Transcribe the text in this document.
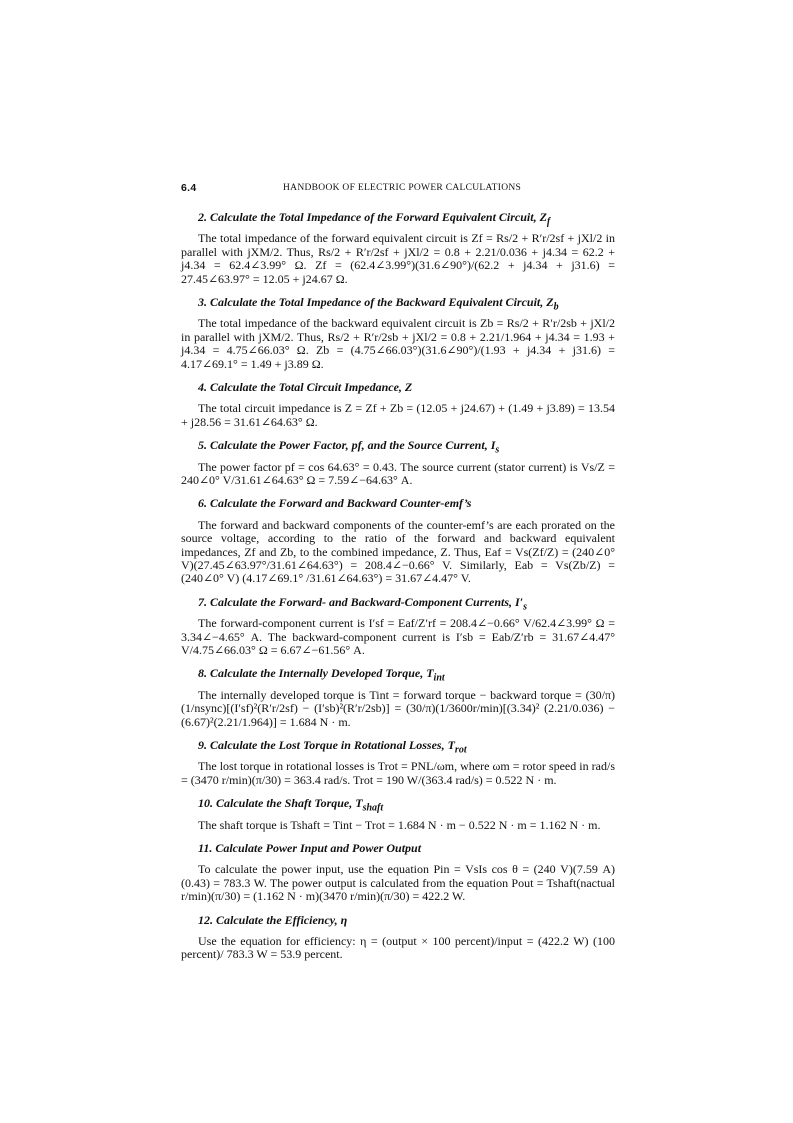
6.4	HANDBOOK OF ELECTRIC POWER CALCULATIONS

2. Calculate the Total Impedance of the Forward Equivalent Circuit, $Z_f$

The total impedance of the forward equivalent circuit is Zf = Rs/2 + R′r/2sf + jXl/2 in parallel with jXM/2. Thus, Rs/2 + R′r/2sf + jXl/2 = 0.8 + 2.21/0.036 + j4.34 = 62.2 + j4.34 = 62.4∠3.99° Ω. Zf = (62.4∠3.99°)(31.6∠90°)/(62.2 + j4.34 + j31.6) = 27.45∠63.97° = 12.05 + j24.67 Ω.

3. Calculate the Total Impedance of the Backward Equivalent Circuit, $Z_b$

The total impedance of the backward equivalent circuit is Zb = Rs/2 + R′r/2sb + jXl/2 in parallel with jXM/2. Thus, Rs/2 + R′r/2sb + jXl/2 = 0.8 + 2.21/1.964 + j4.34 = 1.93 + j4.34 = 4.75∠66.03° Ω. Zb = (4.75∠66.03°)(31.6∠90°)/(1.93 + j4.34 + j31.6) = 4.17∠69.1° = 1.49 + j3.89 Ω.

4. Calculate the Total Circuit Impedance, Z

The total circuit impedance is Z = Zf + Zb = (12.05 + j24.67) + (1.49 + j3.89) = 13.54 + j28.56 = 31.61∠64.63° Ω.

5. Calculate the Power Factor, pf, and the Source Current, $I_s$

The power factor pf = cos 64.63° = 0.43. The source current (stator current) is Vs/Z = 240∠0° V/31.61∠64.63° Ω = 7.59∠−64.63° A.

6. Calculate the Forward and Backward Counter-emf’s

The forward and backward components of the counter-emf’s are each prorated on the source voltage, according to the ratio of the forward and backward equivalent impedances, Zf and Zb, to the combined impedance, Z. Thus, Eaf = Vs(Zf/Z) = (240∠0° V)(27.45∠63.97°/31.61∠64.63°) = 208.4∠−0.66° V. Similarly, Eab = Vs(Zb/Z) = (240∠0° V) (4.17∠69.1° /31.61∠64.63°) = 31.67∠4.47° V.

7. Calculate the Forward- and Backward-Component Currents, $I'_s$

The forward-component current is I′sf = Eaf/Z′rf = 208.4∠−0.66° V/62.4∠3.99° Ω = 3.34∠−4.65° A. The backward-component current is I′sb = Eab/Z′rb = 31.67∠4.47° V/4.75∠66.03° Ω = 6.67∠−61.56° A.

8. Calculate the Internally Developed Torque, $T_{int}$

The internally developed torque is Tint = forward torque − backward torque = (30/π)(1/nsync)[(I′sf)²(R′r/2sf) − (I′sb)²(R′r/2sb)] = (30/π)(1/3600r/min)[(3.34)² (2.21/0.036) − (6.67)²(2.21/1.964)] = 1.684 N · m.

9. Calculate the Lost Torque in Rotational Losses, $T_{rot}$

The lost torque in rotational losses is Trot = PNL/ωm, where ωm = rotor speed in rad/s = (3470 r/min)(π/30) = 363.4 rad/s. Trot = 190 W/(363.4 rad/s) = 0.522 N · m.

10. Calculate the Shaft Torque, $T_{shaft}$

The shaft torque is Tshaft = Tint − Trot = 1.684 N · m − 0.522 N · m = 1.162 N · m.

11. Calculate Power Input and Power Output

To calculate the power input, use the equation Pin = VsIs cos θ = (240 V)(7.59 A) (0.43) = 783.3 W. The power output is calculated from the equation Pout = Tshaft(nactual r/min)(π/30) = (1.162 N · m)(3470 r/min)(π/30) = 422.2 W.

12. Calculate the Efficiency, η

Use the equation for efficiency: η = (output × 100 percent)/input = (422.2 W) (100 percent)/ 783.3 W = 53.9 percent.
